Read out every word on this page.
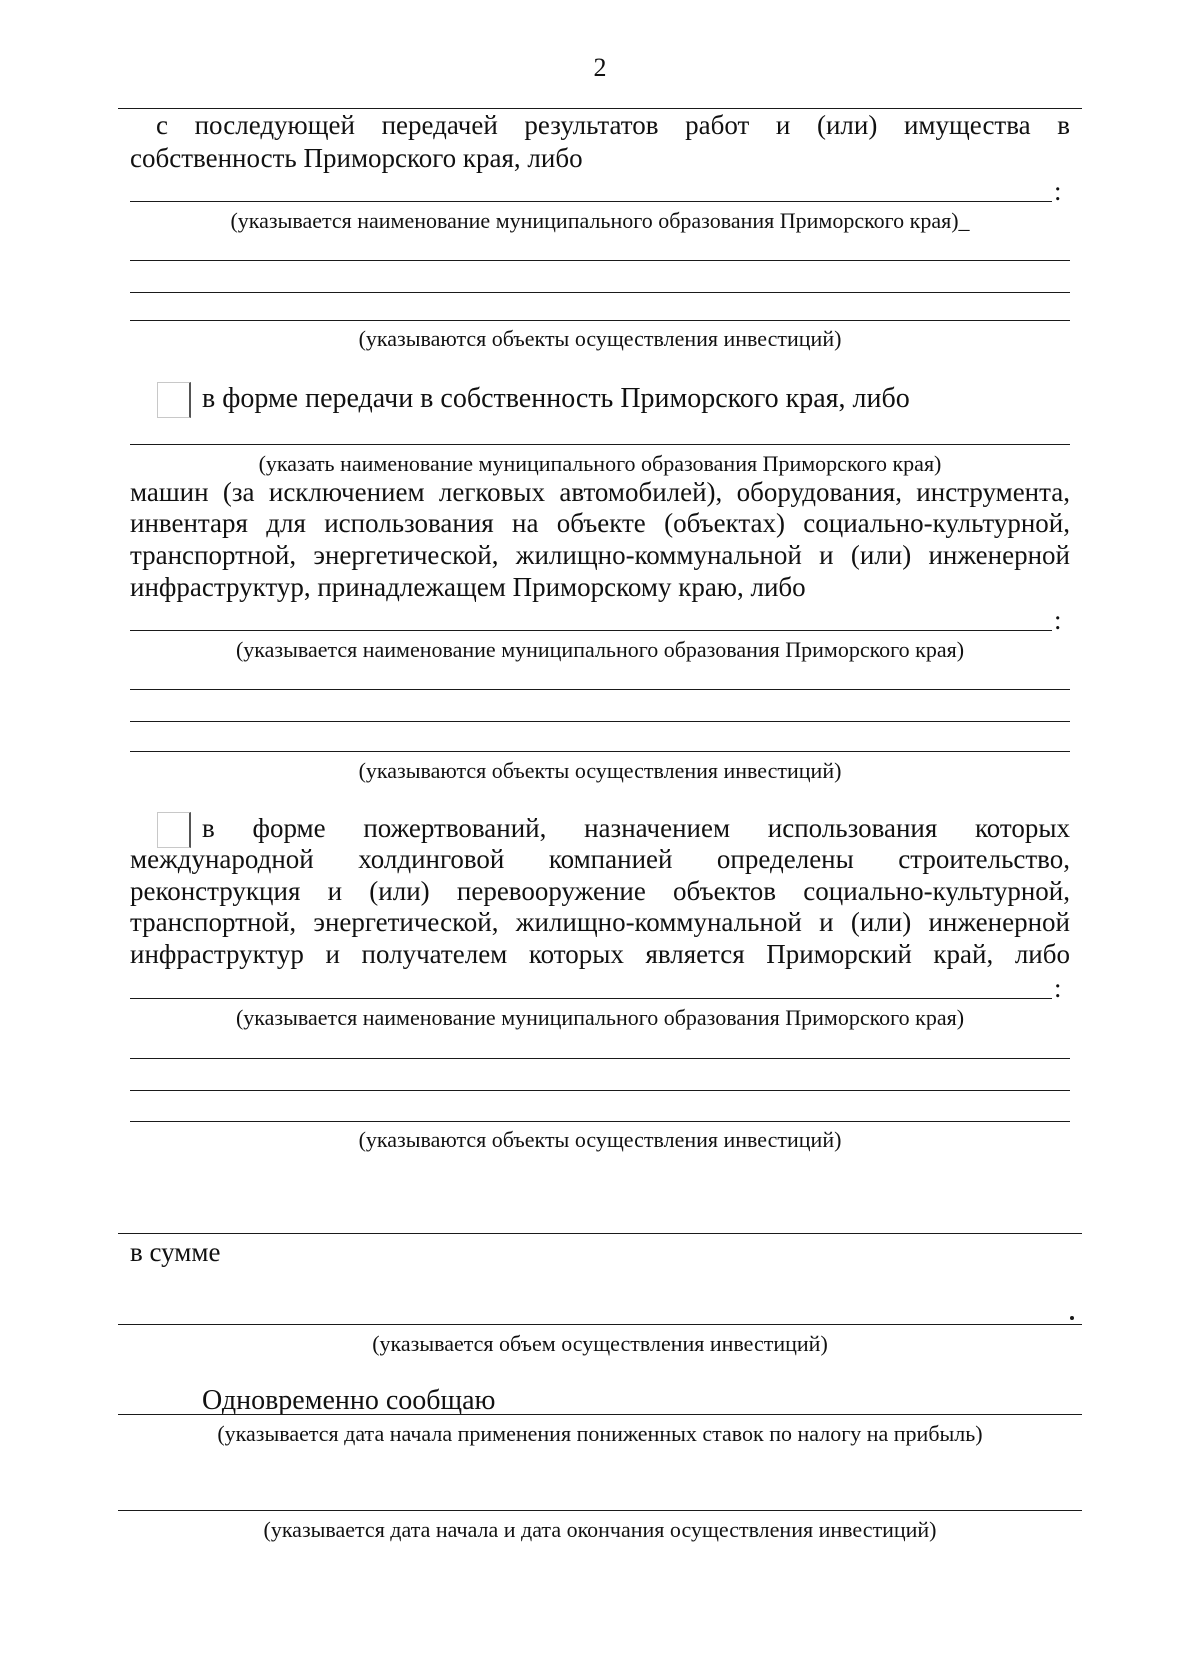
2
с последующей передачей результатов работ и (или) имущества в
собственность Приморского края, либо
:
(указывается наименование муниципального образования Приморского края)_
(указываются объекты осуществления инвестиций)
в форме передачи в собственность Приморского края, либо
(указать наименование муниципального образования Приморского края)
машин (за исключением легковых автомобилей), оборудования, инструмента,
инвентаря для использования на объекте (объектах) социально-культурной,
транспортной, энергетической, жилищно-коммунальной и (или) инженерной
инфраструктур, принадлежащем Приморскому краю, либо
:
(указывается наименование муниципального образования Приморского края)
(указываются объекты осуществления инвестиций)
в форме пожертвований, назначением использования которых
международной холдинговой компанией определены строительство,
реконструкция и (или) перевооружение объектов социально-культурной,
транспортной, энергетической, жилищно-коммунальной и (или) инженерной
инфраструктур и получателем которых является Приморский край, либо
:
(указывается наименование муниципального образования Приморского края)
(указываются объекты осуществления инвестиций)
в сумме
(указывается объем осуществления инвестиций)
Одновременно сообщаю
(указывается дата начала применения пониженных ставок по налогу на прибыль)
(указывается дата начала и дата окончания осуществления инвестиций)
